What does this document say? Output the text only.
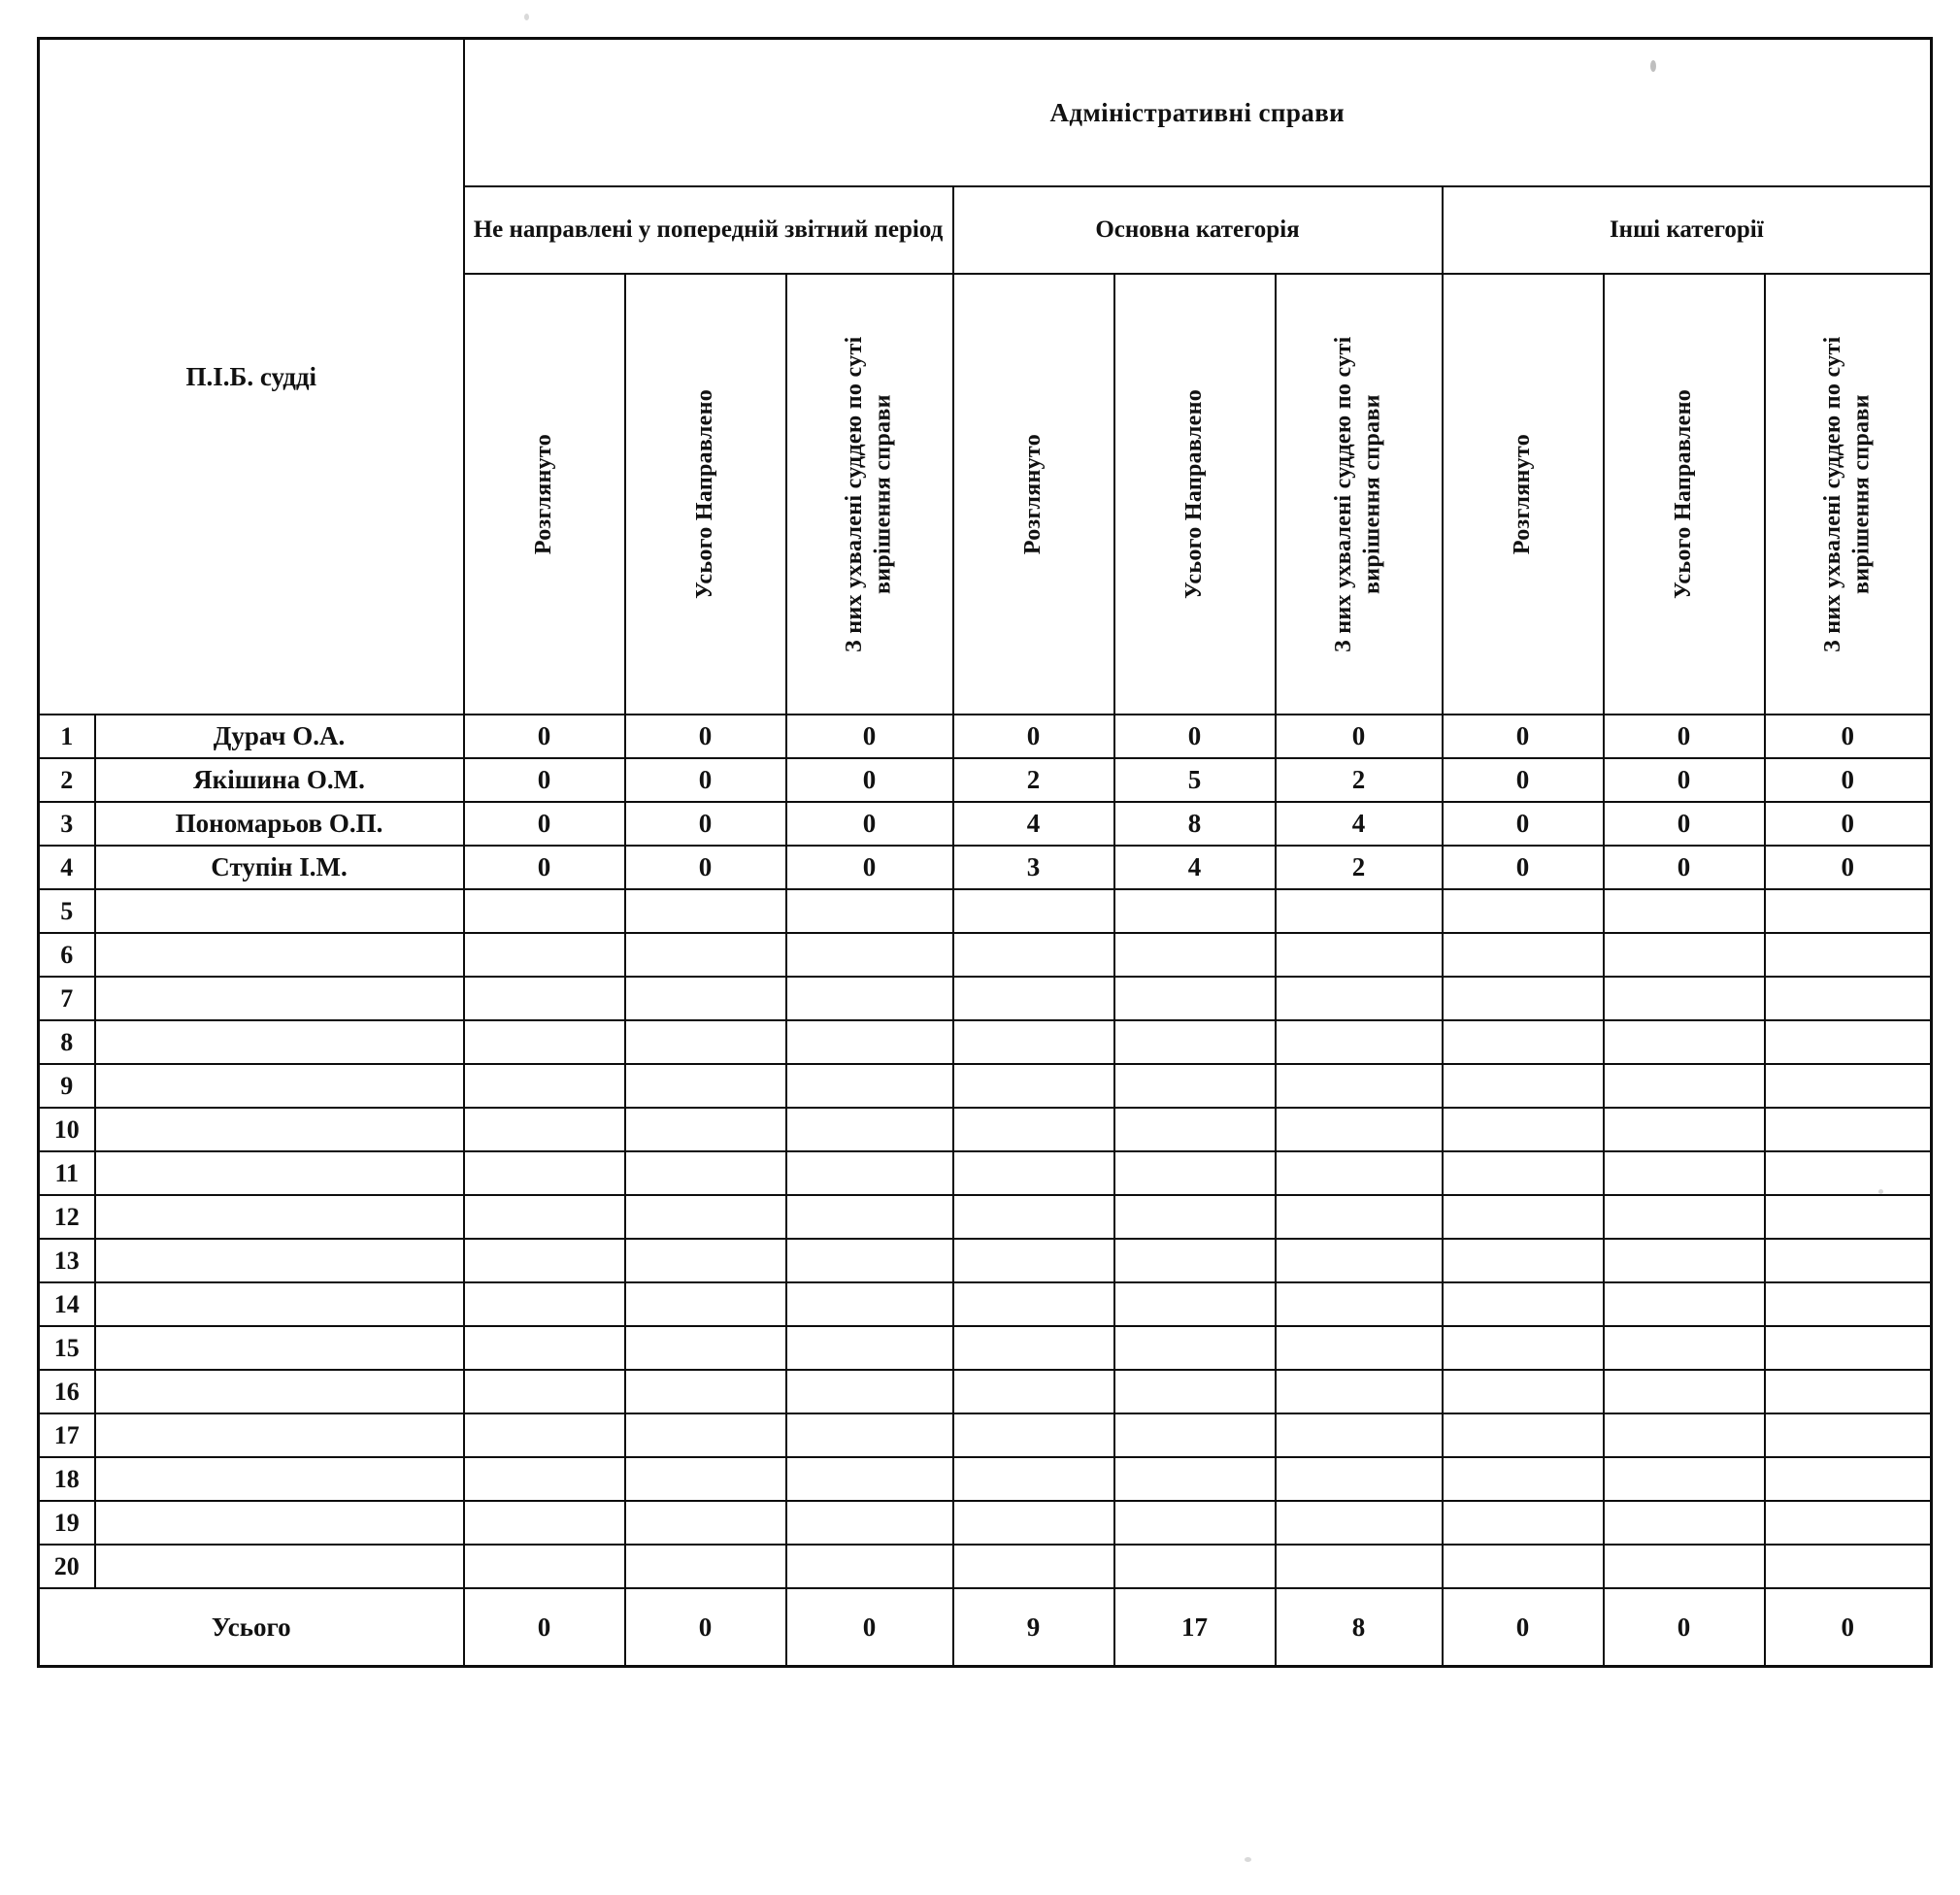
П.І.Б. судді		Адміністративні справи								
		Не направлені у попередній звітний період			Основна категорія			Інші категорії		

		Розглянуто	Усього Направлено	З них ухвалені суддею по суті вирішення справи	Розглянуто	Усього Направлено	З них ухвалені суддею по суті вирішення справи	Розглянуто	Усього Направлено	З них ухвалені суддею по суті вирішення справи

1	Дурач О.А.	0	0	0	0	0	0	0	0	0
2	Якішина О.М.	0	0	0	2	5	2	0	0	0
3	Пономарьов О.П.	0	0	0	4	8	4	0	0	0
4	Ступін І.М.	0	0	0	3	4	2	0	0	0
5										
6										
7										
8										
9										
10										
11										
12										
13										
14										
15										
16										
17										
18										
19										
20										
Усього		0	0	0	9	17	8	0	0	0
